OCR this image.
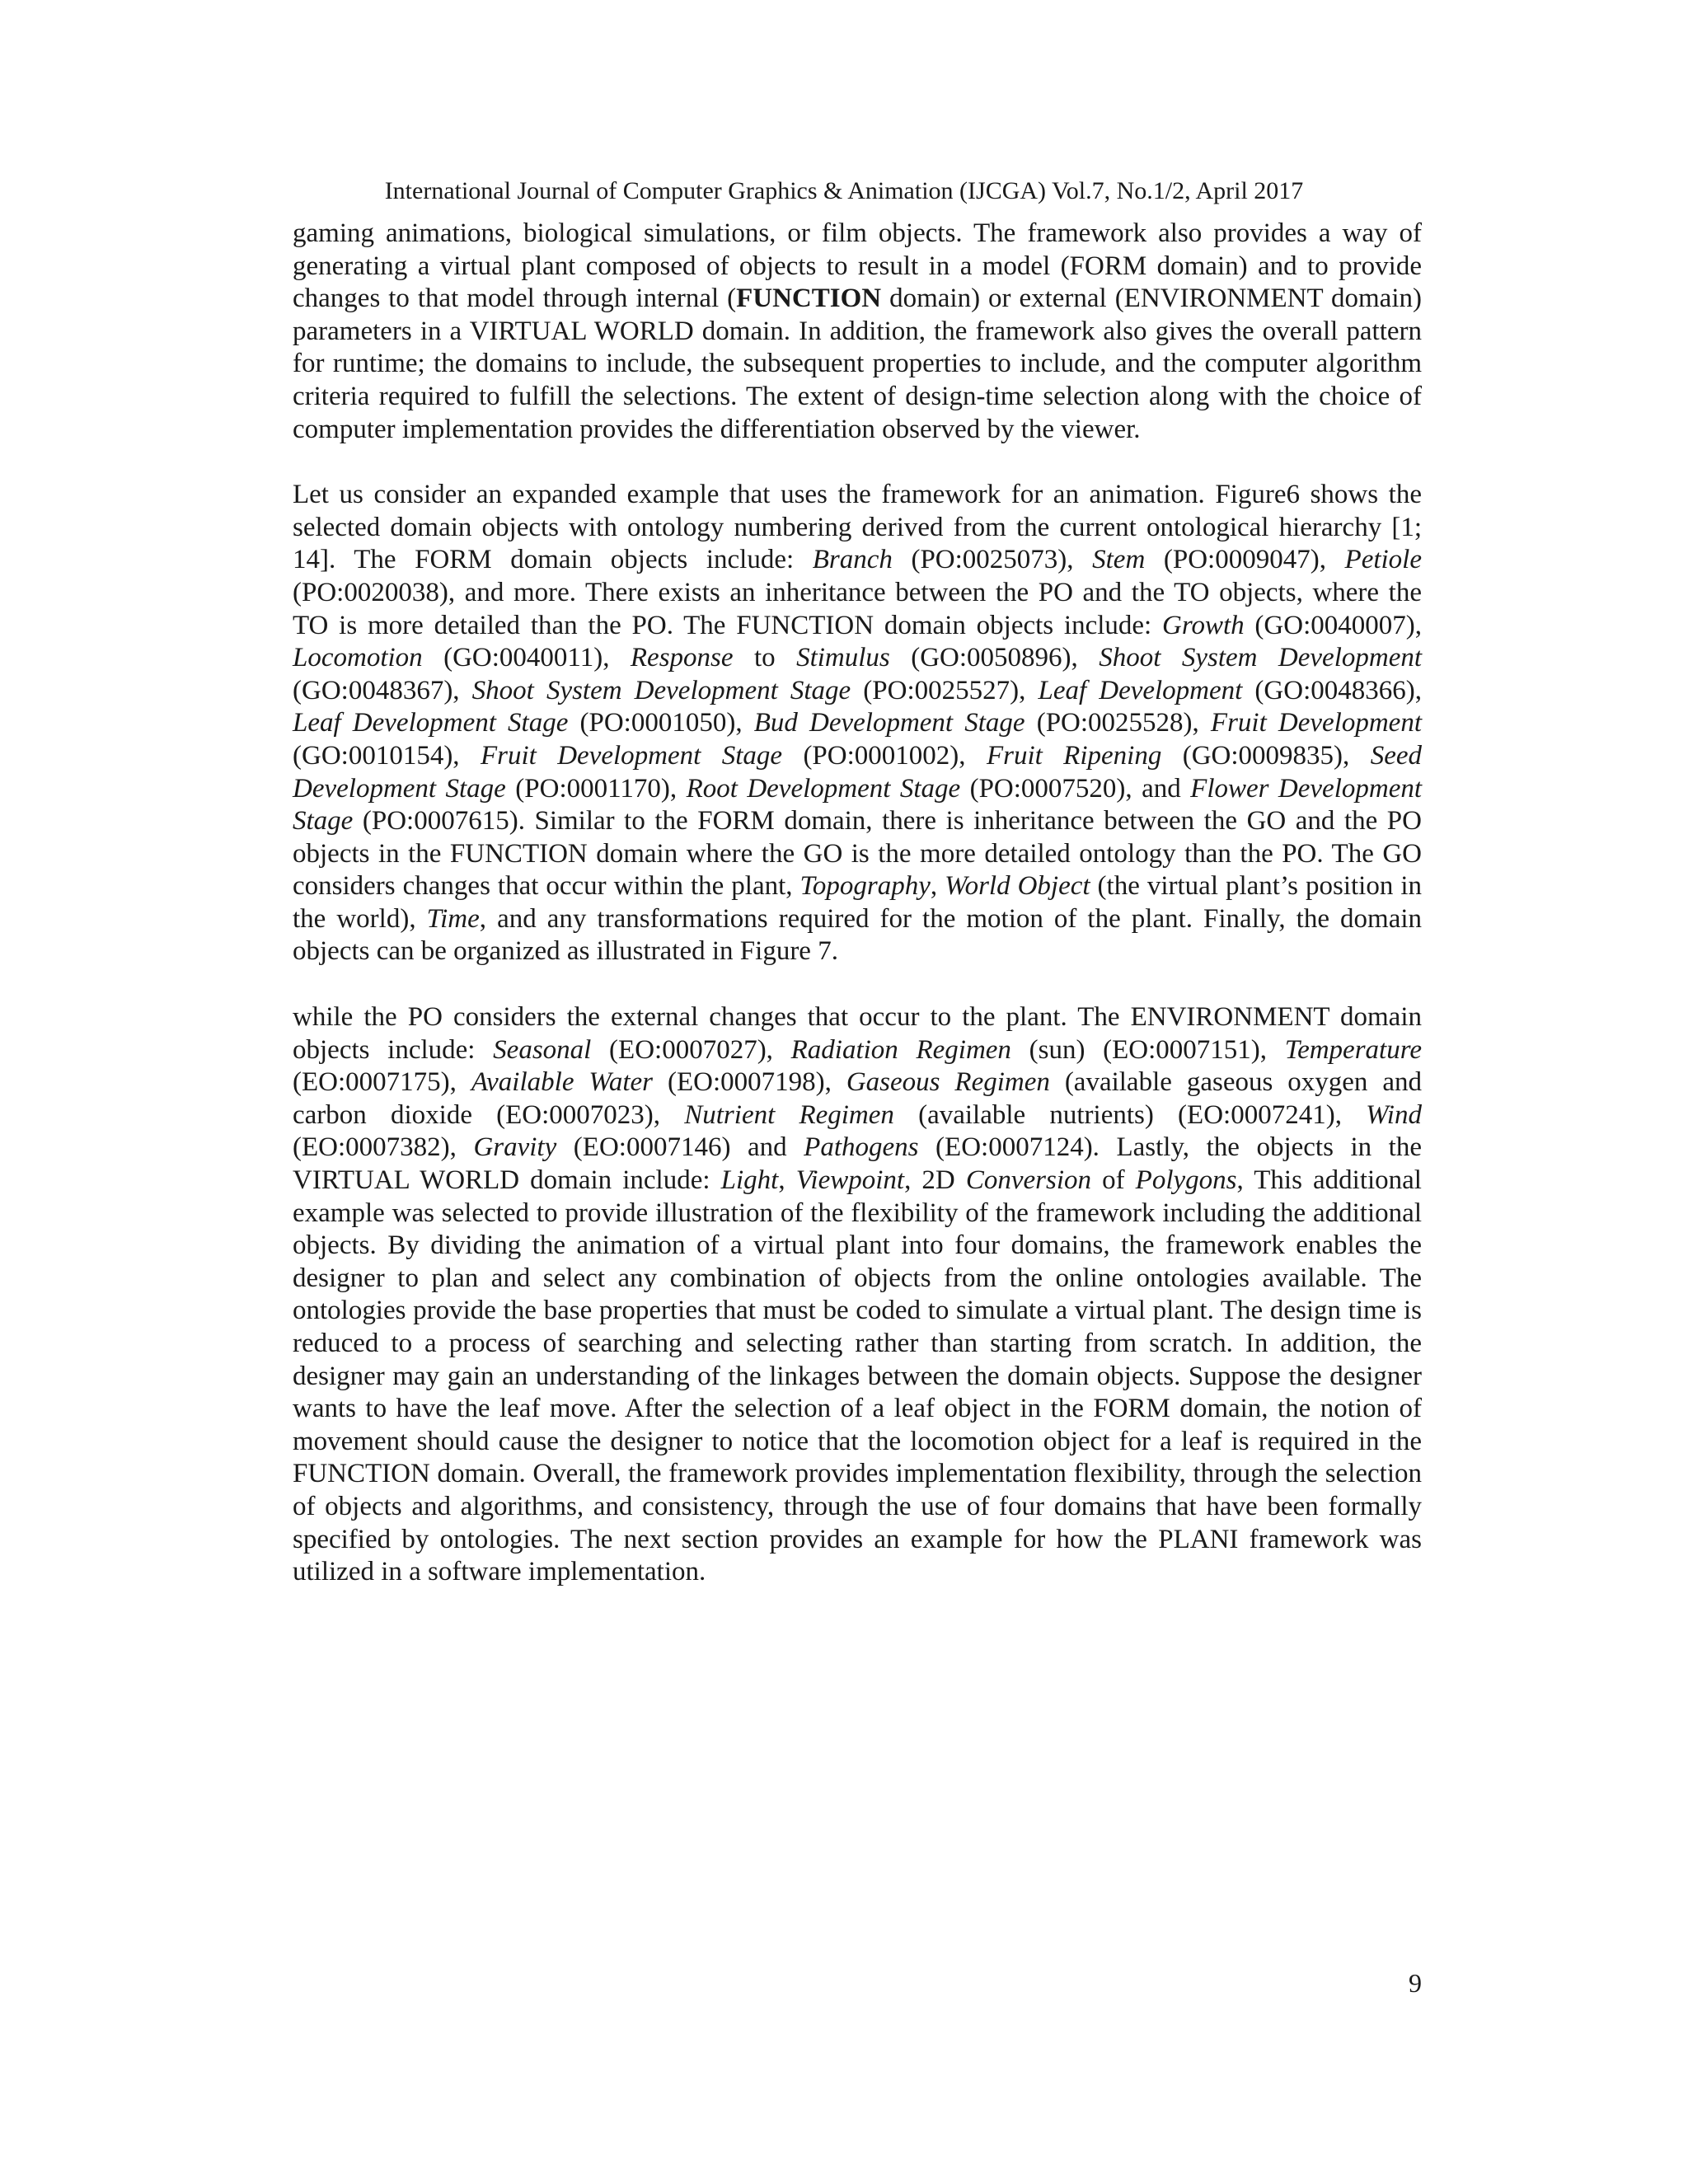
International Journal of Computer Graphics & Animation (IJCGA) Vol.7, No.1/2, April 2017

gaming animations, biological simulations, or film objects. The framework also provides a way of generating a virtual plant composed of objects to result in a model (FORM domain) and to provide changes to that model through internal (FUNCTION domain) or external (ENVIRONMENT domain) parameters in a VIRTUAL WORLD domain. In addition, the framework also gives the overall pattern for runtime; the domains to include, the subsequent properties to include, and the computer algorithm criteria required to fulfill the selections. The extent of design-time selection along with the choice of computer implementation provides the differentiation observed by the viewer.

Let us consider an expanded example that uses the framework for an animation. Figure6 shows the selected domain objects with ontology numbering derived from the current ontological hierarchy [1; 14]. The FORM domain objects include: Branch (PO:0025073), Stem (PO:0009047), Petiole (PO:0020038), and more. There exists an inheritance between the PO and the TO objects, where the TO is more detailed than the PO. The FUNCTION domain objects include: Growth (GO:0040007), Locomotion (GO:0040011), Response to Stimulus (GO:0050896), Shoot System Development (GO:0048367), Shoot System Development Stage (PO:0025527), Leaf Development (GO:0048366), Leaf Development Stage (PO:0001050), Bud Development Stage (PO:0025528), Fruit Development (GO:0010154), Fruit Development Stage (PO:0001002), Fruit Ripening (GO:0009835), Seed Development Stage (PO:0001170), Root Development Stage (PO:0007520), and Flower Development Stage (PO:0007615). Similar to the FORM domain, there is inheritance between the GO and the PO objects in the FUNCTION domain where the GO is the more detailed ontology than the PO. The GO considers changes that occur within the plant, Topography, World Object (the virtual plant’s position in the world), Time, and any transformations required for the motion of the plant. Finally, the domain objects can be organized as illustrated in Figure 7.

while the PO considers the external changes that occur to the plant. The ENVIRONMENT domain objects include: Seasonal (EO:0007027), Radiation Regimen (sun) (EO:0007151), Temperature (EO:0007175), Available Water (EO:0007198), Gaseous Regimen (available gaseous oxygen and carbon dioxide (EO:0007023), Nutrient Regimen (available nutrients) (EO:0007241), Wind (EO:0007382), Gravity (EO:0007146) and Pathogens (EO:0007124). Lastly, the objects in the VIRTUAL WORLD domain include: Light, Viewpoint, 2D Conversion of Polygons, This additional example was selected to provide illustration of the flexibility of the framework including the additional objects. By dividing the animation of a virtual plant into four domains, the framework enables the designer to plan and select any combination of objects from the online ontologies available. The ontologies provide the base properties that must be coded to simulate a virtual plant. The design time is reduced to a process of searching and selecting rather than starting from scratch. In addition, the designer may gain an understanding of the linkages between the domain objects. Suppose the designer wants to have the leaf move. After the selection of a leaf object in the FORM domain, the notion of movement should cause the designer to notice that the locomotion object for a leaf is required in the FUNCTION domain. Overall, the framework provides implementation flexibility, through the selection of objects and algorithms, and consistency, through the use of four domains that have been formally specified by ontologies. The next section provides an example for how the PLANI framework was utilized in a software implementation.

9
